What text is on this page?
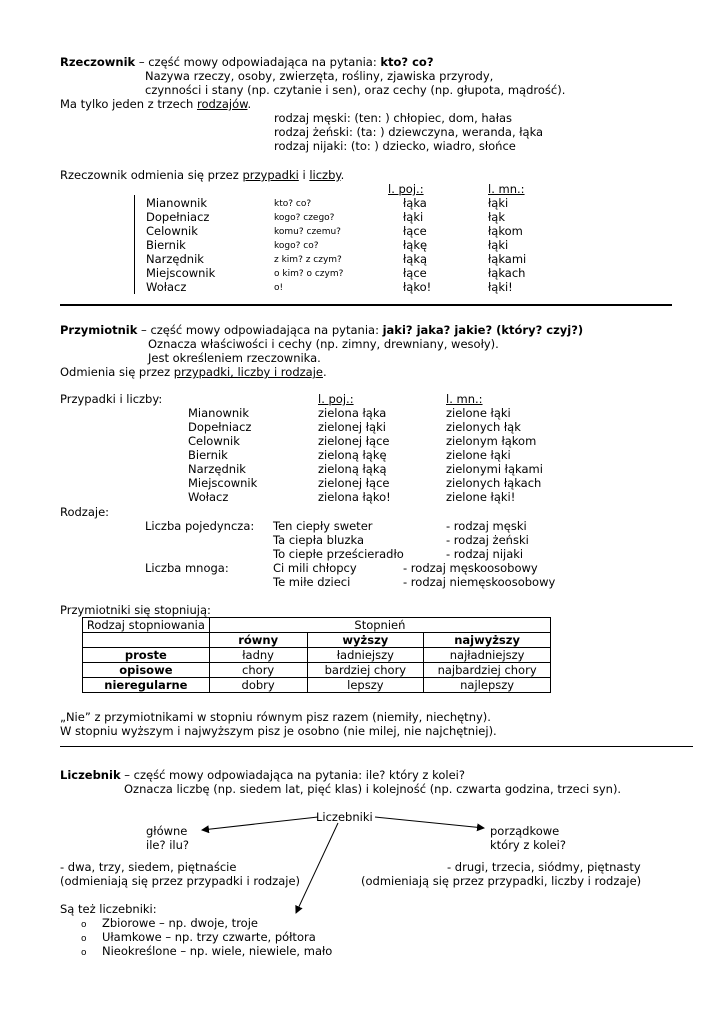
Rzeczownik – część mowy odpowiadająca na pytania: kto? co?
Nazywa rzeczy, osoby, zwierzęta, rośliny, zjawiska przyrody,
czynności i stany (np. czytanie i sen), oraz cechy (np. głupota, mądrość).
Ma tylko jeden z trzech rodzajów.
rodzaj męski: (ten: ) chłopiec, dom, hałas
rodzaj żeński: (ta: ) dziewczyna, weranda, łąka
rodzaj nijaki: (to: ) dziecko, wiadro, słońce
Rzeczownik odmienia się przez przypadki i liczby.
l. poj.:	l. mn.:
Mianownik	kto? co?	łąka	łąki
Dopełniacz	kogo? czego?	łąki	łąk
Celownik	komu? czemu?	łące	łąkom
Biernik	kogo? co?	łąkę	łąki
Narzędnik	z kim? z czym?	łąką	łąkami
Miejscownik	o kim? o czym?	łące	łąkach
Wołacz	o!	łąko!	łąki!
Przymiotnik – część mowy odpowiadająca na pytania: jaki? jaka? jakie? (który? czyj?)
Oznacza właściwości i cechy (np. zimny, drewniany, wesoły).
Jest określeniem rzeczownika.
Odmienia się przez przypadki, liczby i rodzaje.
Przypadki i liczby:	l. poj.:	l. mn.:
Mianownik	zielona łąka	zielone łąki
Dopełniacz	zielonej łąki	zielonych łąk
Celownik	zielonej łące	zielonym łąkom
Biernik	zieloną łąkę	zielone łąki
Narzędnik	zieloną łąką	zielonymi łąkami
Miejscownik	zielonej łące	zielonych łąkach
Wołacz	zielona łąko!	zielone łąki!
Rodzaje:
Liczba pojedyncza: Ten ciepły sweter	- rodzaj męski
Ta ciepła bluzka	- rodzaj żeński
To ciepłe prześcieradło	- rodzaj nijaki
Liczba mnoga:	Ci mili chłopcy	- rodzaj męskoosobowy
Te miłe dzieci	- rodzaj niemęskoosobowy
Przymiotniki się stopniują:
Rodzaj stopniowania	Stopnień		
	równy	wyższy	najwyższy
proste	ładny	ładniejszy	najładniejszy
opisowe	chory	bardziej chory	najbardziej chory
nieregularne	dobry	lepszy	najlepszy
„Nie” z przymiotnikami w stopniu równym pisz razem (niemiły, niechętny).
W stopniu wyższym i najwyższym pisz je osobno (nie milej, nie najchętniej).
Liczebnik – część mowy odpowiadająca na pytania: ile? który z kolei?
Oznacza liczbę (np. siedem lat, pięć klas) i kolejność (np. czwarta godzina, trzeci syn).
Liczebniki
główne
ile? ilu?
porządkowe
który z kolei?
- dwa, trzy, siedem, piętnaście
(odmieniają się przez przypadki i rodzaje)
- drugi, trzecia, siódmy, piętnasty
(odmieniają się przez przypadki, liczby i rodzaje)
Są też liczebniki:
o Zbiorowe – np. dwoje, troje
o Ułamkowe – np. trzy czwarte, półtora
o Nieokreślone – np. wiele, niewiele, mało
